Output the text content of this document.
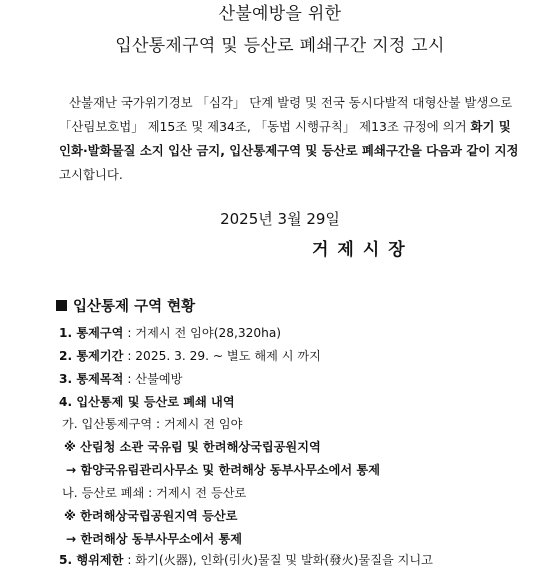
산불예방을 위한
입산통제구역 및 등산로 폐쇄구간 지정 고시
산불재난 국가위기경보 「심각」 단계 발령 및 전국 동시다발적 대형산불 발생으로
「산림보호법」 제15조 및 제34조, 「동법 시행규칙」 제13조 규정에 의거 화기 및
인화·발화물질 소지 입산 금지, 입산통제구역 및 등산로 폐쇄구간을 다음과 같이 지정
고시합니다.
2025년 3월 29일
거제시장
입산통제 구역 현황
1. 통제구역 : 거제시 전 임야(28,320ha)
2. 통제기간 : 2025. 3. 29. ~ 별도 해제 시 까지
3. 통제목적 : 산불예방
4. 입산통제 및 등산로 폐쇄 내역
가. 입산통제구역 : 거제시 전 임야
※ 산림청 소관 국유림 및 한려해상국립공원지역
→ 함양국유림관리사무소 및 한려해상 동부사무소에서 통제
나. 등산로 폐쇄 : 거제시 전 등산로
※ 한려해상국립공원지역 등산로
→ 한려해상 동부사무소에서 통제
5. 행위제한 : 화기(火器), 인화(引火)물질 및 발화(發火)물질을 지니고
